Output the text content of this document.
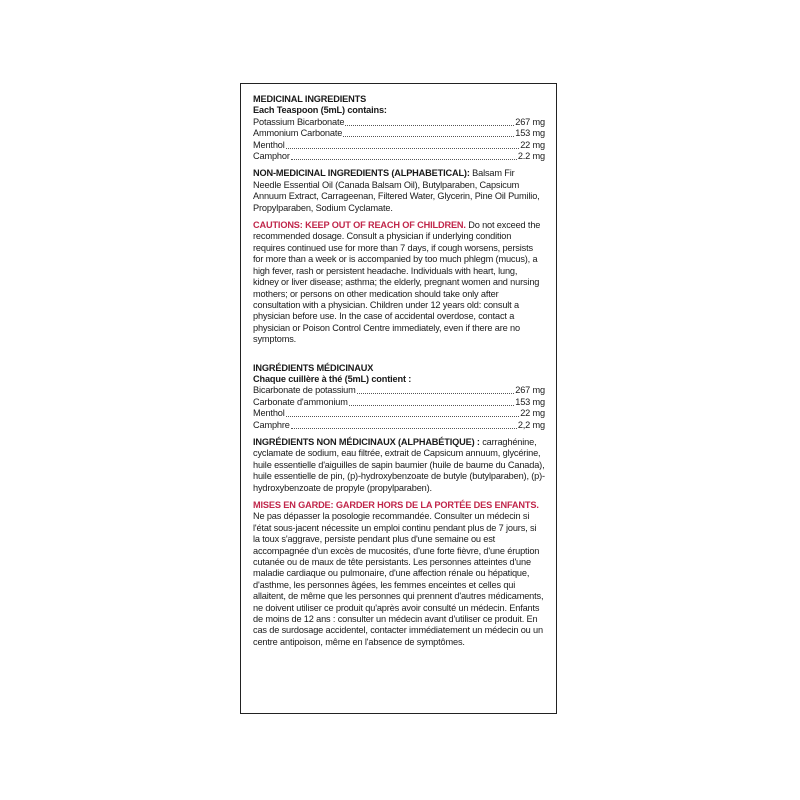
MEDICINAL INGREDIENTS
Each Teaspoon (5mL) contains:
Potassium Bicarbonate	267 mg
Ammonium Carbonate	153 mg
Menthol	22 mg
Camphor	2.2 mg

NON-MEDICINAL INGREDIENTS (ALPHABETICAL): Balsam Fir Needle Essential Oil (Canada Balsam Oil), Butylparaben, Capsicum Annuum Extract, Carrageenan, Filtered Water, Glycerin, Pine Oil Pumilio, Propylparaben, Sodium Cyclamate.

CAUTIONS: KEEP OUT OF REACH OF CHILDREN. Do not exceed the recommended dosage. Consult a physician if underlying condition requires continued use for more than 7 days, if cough worsens, persists for more than a week or is accompanied by too much phlegm (mucus), a high fever, rash or persistent headache. Individuals with heart, lung, kidney or liver disease; asthma; the elderly, pregnant women and nursing mothers; or persons on other medication should take only after consultation with a physician. Children under 12 years old: consult a physician before use. In the case of accidental overdose, contact a physician or Poison Control Centre immediately, even if there are no symptoms.

INGRÉDIENTS MÉDICINAUX
Chaque cuillère à thé (5mL) contient :
Bicarbonate de potassium	267 mg
Carbonate d'ammonium	153 mg
Menthol	22 mg
Camphre	2,2 mg

INGRÉDIENTS NON MÉDICINAUX (ALPHABÉTIQUE) : carraghénine, cyclamate de sodium, eau filtrée, extrait de Capsicum annuum, glycérine, huile essentielle d'aiguilles de sapin baumier (huile de baume du Canada), huile essentielle de pin, (p)-hydroxybenzoate de butyle (butylparaben), (p)-hydroxybenzoate de propyle (propylparaben).

MISES EN GARDE: GARDER HORS DE LA PORTÉE DES ENFANTS.
Ne pas dépasser la posologie recommandée. Consulter un médecin si l'état sous-jacent nécessite un emploi continu pendant plus de 7 jours, si la toux s'aggrave, persiste pendant plus d'une semaine ou est accompagnée d'un excès de mucosités, d'une forte fièvre, d'une éruption cutanée ou de maux de tête persistants. Les personnes atteintes d'une maladie cardiaque ou pulmonaire, d'une affection rénale ou hépatique, d'asthme, les personnes âgées, les femmes enceintes et celles qui allaitent, de même que les personnes qui prennent d'autres médicaments, ne doivent utiliser ce produit qu'après avoir consulté un médecin. Enfants de moins de 12 ans : consulter un médecin avant d'utiliser ce produit. En cas de surdosage accidentel, contacter immédiatement un médecin ou un centre antipoison, même en l'absence de symptômes.
